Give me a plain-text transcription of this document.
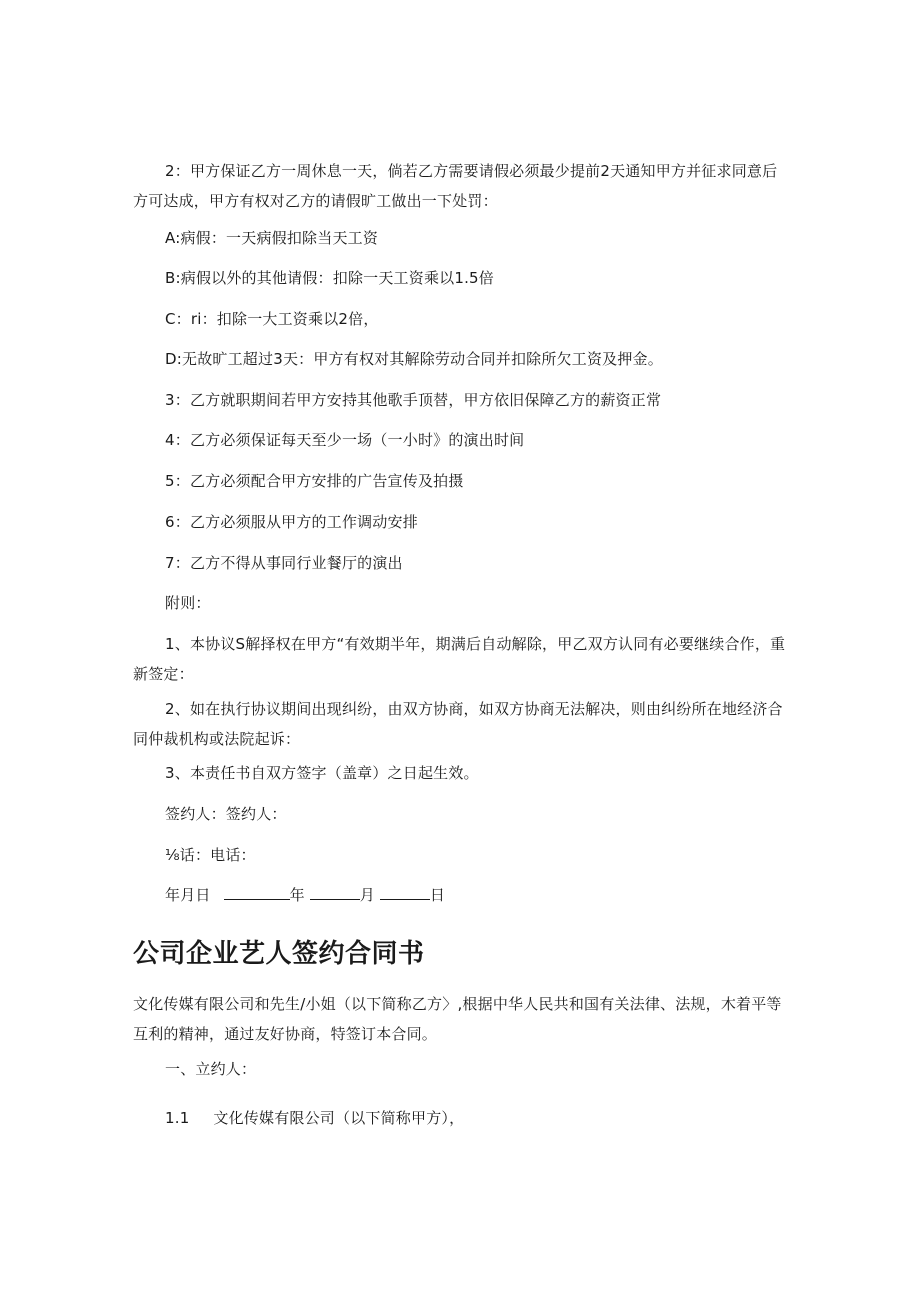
2：甲方保证乙方一周休息一天，倘若乙方需要请假必须最少提前2天通知甲方并征求同意后方可达成，甲方有权对乙方的请假旷工做出一下处罚：

A:病假：一天病假扣除当天工资

B:病假以外的其他请假：扣除一天工资乘以1.5倍

C：ri：扣除一大工资乘以2倍，

D:无故旷工超过3天：甲方有权对其解除劳动合同并扣除所欠工资及押金。

3：乙方就职期间若甲方安持其他歌手顶替，甲方依旧保障乙方的薪资正常

4：乙方必须保证每天至少一场（一小时》的演出时间

5：乙方必须配合甲方安排的广告宣传及拍摄

6：乙方必须服从甲方的工作调动安排

7：乙方不得从事同行业餐厅的演出

附则：

1、本协议S解择权在甲方“有效期半年，期满后自动解除，甲乙双方认同有必要继续合作，重新签定：

2、如在执行协议期间出现纠纷，由双方协商，如双方协商无法解决，则由纠纷所在地经济合同仲裁机构或法院起诉：

3、本责任书自双方签字（盖章）之日起生效。

签约人：签约人：

⅛话：电话：

年月日	年	月	日

公司企业艺人签约合同书

文化传媒有限公司和先生/小姐（以下简称乙方〉,根据中华人民共和国有关法律、法规，木着平等互利的精神，通过友好协商，特签订本合同。

一、立约人：

1.1 文化传媒有限公司（以下简称甲方），
